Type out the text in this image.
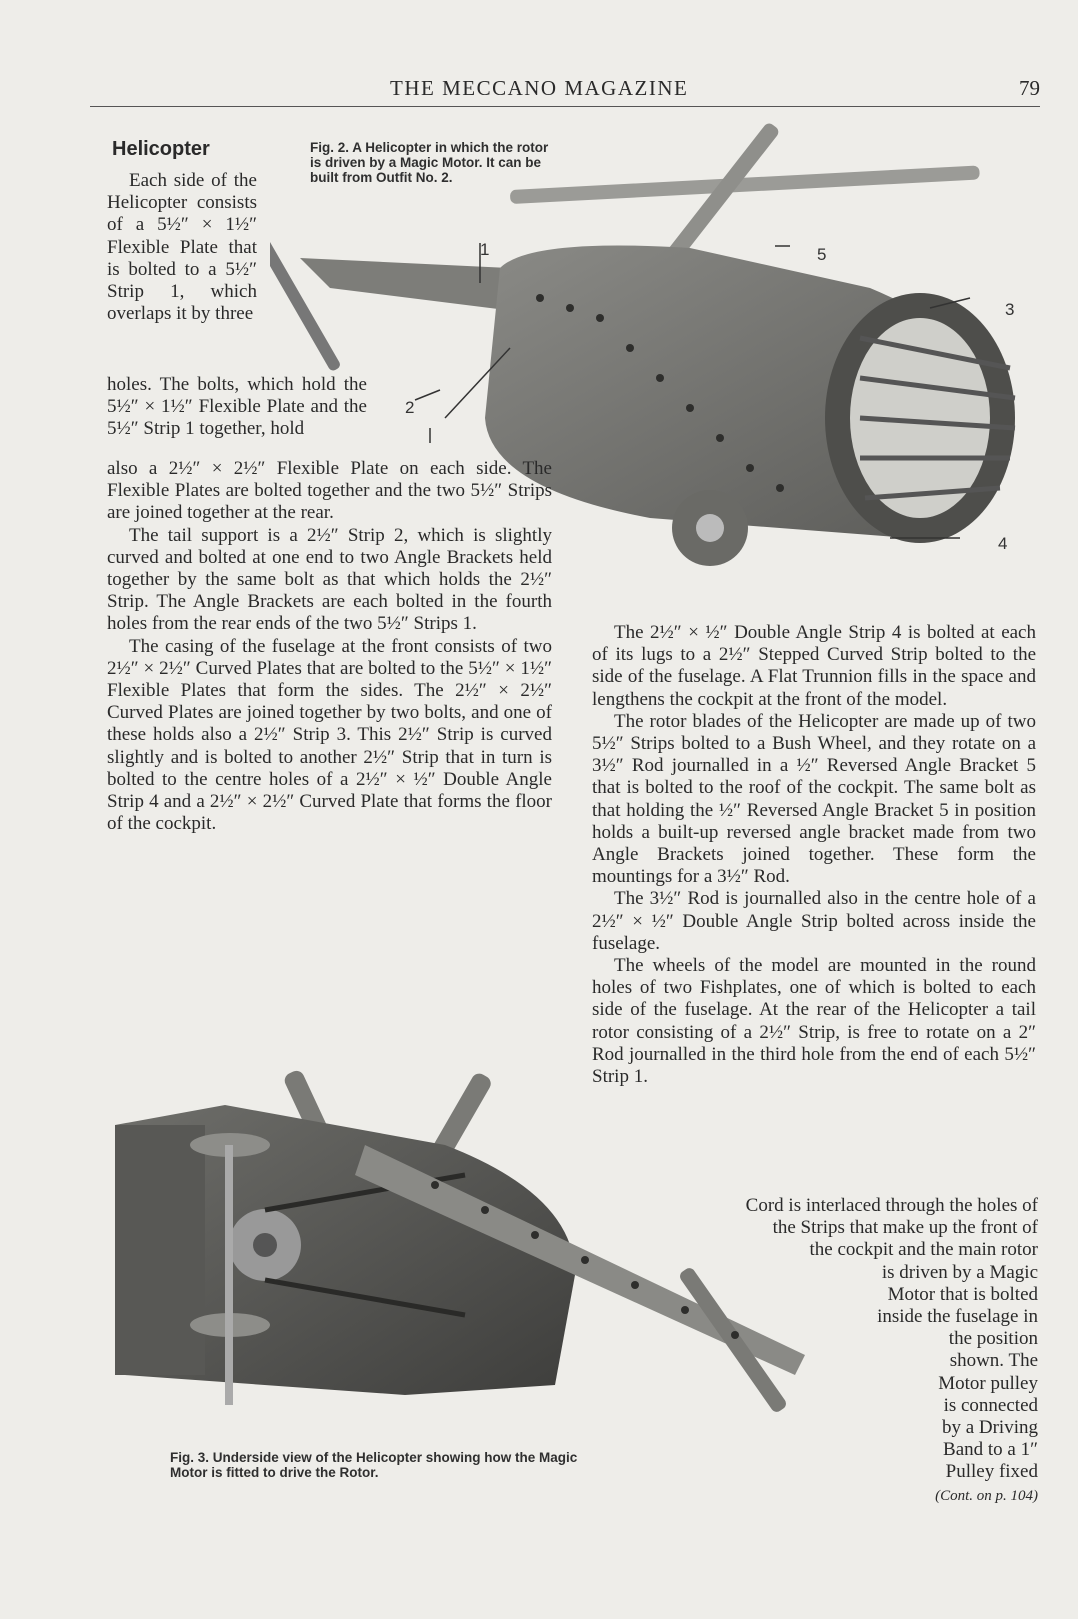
THE MECCANO MAGAZINE	79
1
2
3
4
5
Fig. 2. A Helicopter in which the rotor is driven by a Magic Motor. It can be built from Outfit No. 2.
Helicopter

Each side of the Helicopter consists of a 5½″ × 1½″ Flexible Plate that is bolted to a 5½″ Strip 1, which overlaps it by three

holes. The bolts, which hold the 5½″ × 1½″ Flexible Plate and the 5½″ Strip 1 together, hold

also a 2½″ × 2½″ Flexible Plate on each side. The Flexible Plates are bolted together and the two 5½″ Strips are joined together at the rear.

The tail support is a 2½″ Strip 2, which is slightly curved and bolted at one end to two Angle Brackets held together by the same bolt as that which holds the 2½″ Strip. The Angle Brackets are each bolted in the fourth holes from the rear ends of the two 5½″ Strips 1.

The casing of the fuselage at the front consists of two 2½″ × 2½″ Curved Plates that are bolted to the 5½″ × 1½″ Flexible Plates that form the sides. The 2½″ × 2½″ Curved Plates are joined together by two bolts, and one of these holds also a 2½″ Strip 3. This 2½″ Strip is curved slightly and is bolted to another 2½″ Strip that in turn is bolted to the centre holes of a 2½″ × ½″ Double Angle Strip 4 and a 2½″ × 2½″ Curved Plate that forms the floor of the cockpit.

The 2½″ × ½″ Double Angle Strip 4 is bolted at each of its lugs to a 2½″ Stepped Curved Strip bolted to the side of the fuselage. A Flat Trunnion fills in the space and lengthens the cockpit at the front of the model.

The rotor blades of the Helicopter are made up of two 5½″ Strips bolted to a Bush Wheel, and they rotate on a 3½″ Rod journalled in a ½″ Reversed Angle Bracket 5 that is bolted to the roof of the cockpit. The same bolt as that holding the ½″ Reversed Angle Bracket 5 in position holds a built-up reversed angle bracket made from two Angle Brackets joined together. These form the mountings for a 3½″ Rod.

The 3½″ Rod is journalled also in the centre hole of a 2½″ × ½″ Double Angle Strip bolted across inside the fuselage.

The wheels of the model are mounted in the round holes of two Fishplates, one of which is bolted to each side of the fuselage. At the rear of the Helicopter a tail rotor consisting of a 2½″ Strip, is free to rotate on a 2″ Rod journalled in the third hole from the end of each 5½″ Strip 1.

Cord is interlaced through the holes of
the Strips that make up the front of
the cockpit and the main rotor
is driven by a Magic
Motor that is bolted
inside the fuselage in
the position
shown. The
Motor pulley
is connected
by a Driving
Band to a 1″
Pulley fixed
(Cont. on p. 104)
Fig. 3. Underside view of the Helicopter showing how the Magic Motor is fitted to drive the Rotor.
